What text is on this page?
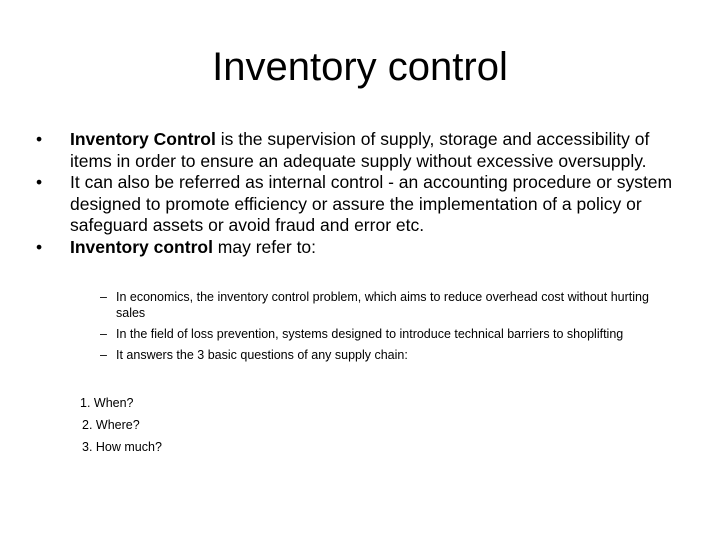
Inventory control
•	Inventory Control is the supervision of supply, storage and accessibility of items in order to ensure an adequate supply without excessive oversupply.
•	It can also be referred as internal control - an accounting procedure or system designed to promote efficiency or assure the implementation of a policy or safeguard assets or avoid fraud and error etc.
•	Inventory control may refer to:
– In economics, the inventory control problem, which aims to reduce overhead cost without hurting sales
– In the field of loss prevention, systems designed to introduce technical barriers to shoplifting
– It answers the 3 basic questions of any supply chain:
1. When?
2. Where?
3. How much?
